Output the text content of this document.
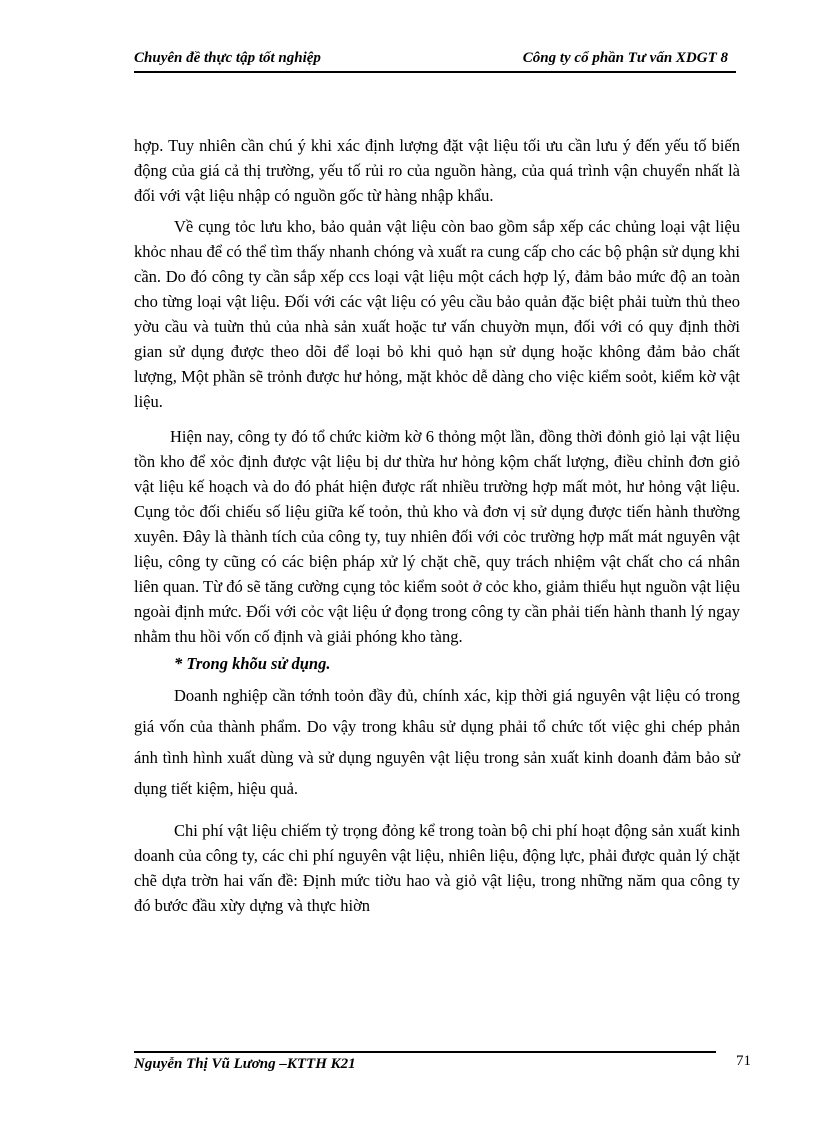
Chuyên đề thực tập tốt nghiệp	Công ty cổ phần Tư vấn XDGT 8

hợp. Tuy nhiên cần chú ý khi xác định lượng đặt vật liệu tối ưu cần lưu ý đến yếu tố biến động của giá cả thị trường, yếu tố rủi ro của nguồn hàng, của quá trình vận chuyển nhất là đối với vật liệu nhập có nguồn gốc từ hàng nhập khẩu.

Về cụng tỏc lưu kho, bảo quản vật liệu còn bao gồm sắp xếp các chủng loại vật liệu khỏc nhau để có thể tìm thấy nhanh chóng và xuất ra cung cấp cho các bộ phận sử dụng khi cần. Do đó công ty cần sắp xếp ccs loại vật liệu một cách hợp lý, đảm bảo mức độ an toàn cho từng loại vật liệu. Đối với các vật liệu có yêu cầu bảo quản đặc biệt phải tuừn thủ theo yờu cầu và tuừn thủ của nhà sản xuất hoặc tư vấn chuyờn mụn, đối với có quy định thời gian sử dụng được theo dõi để loại bỏ khi quỏ hạn sử dụng hoặc không đảm bảo chất lượng, Một phần sẽ trỏnh được hư hỏng, mặt khỏc dễ dàng cho việc kiểm soỏt, kiểm kờ vật liệu.

Hiện nay, công ty đó tổ chức kiờm kờ 6 thỏng một lần, đồng thời đỏnh giỏ lại vật liệu tồn kho để xỏc định được vật liệu bị dư thừa hư hỏng kộm chất lượng, điều chỉnh đơn giỏ vật liệu kế hoạch và do đó phát hiện được rất nhiều trường hợp mất mỏt, hư hỏng vật liệu. Cụng tỏc đối chiếu số liệu giữa kế toỏn, thủ kho và đơn vị sử dụng được tiến hành thường xuyên. Đây là thành tích của công ty, tuy nhiên đối với cỏc trường hợp mất mát nguyên vật liệu, công ty cũng có các biện pháp xử lý chặt chẽ, quy trách nhiệm vật chất cho cá nhân liên quan. Từ đó sẽ tăng cường cụng tỏc kiểm soỏt ở cỏc kho, giảm thiểu hụt nguồn vật liệu ngoài định mức. Đối với cỏc vật liệu ứ đọng trong công ty cần phải tiến hành thanh lý ngay nhằm thu hồi vốn cố định và giải phóng kho tàng.

* Trong khõu sử dụng.

Doanh nghiệp cần tớnh toỏn đầy đủ, chính xác, kịp thời giá nguyên vật liệu có trong giá vốn của thành phẩm. Do vậy trong khâu sử dụng phải tổ chức tốt việc ghi chép phản ánh tình hình xuất dùng và sử dụng nguyên vật liệu trong sản xuất kinh doanh đảm bảo sử dụng tiết kiệm, hiệu quả.

Chi phí vật liệu chiếm tỷ trọng đỏng kể trong toàn bộ chi phí hoạt động sản xuất kinh doanh của công ty, các chi phí nguyên vật liệu, nhiên liệu, động lực, phải được quản lý chặt chẽ dựa trờn hai vấn đề: Định mức tiờu hao và giỏ vật liệu, trong những năm qua công ty đó bước đầu xừy dựng và thực hiờn

Nguyễn Thị Vũ Lương –KTTH K21	71
